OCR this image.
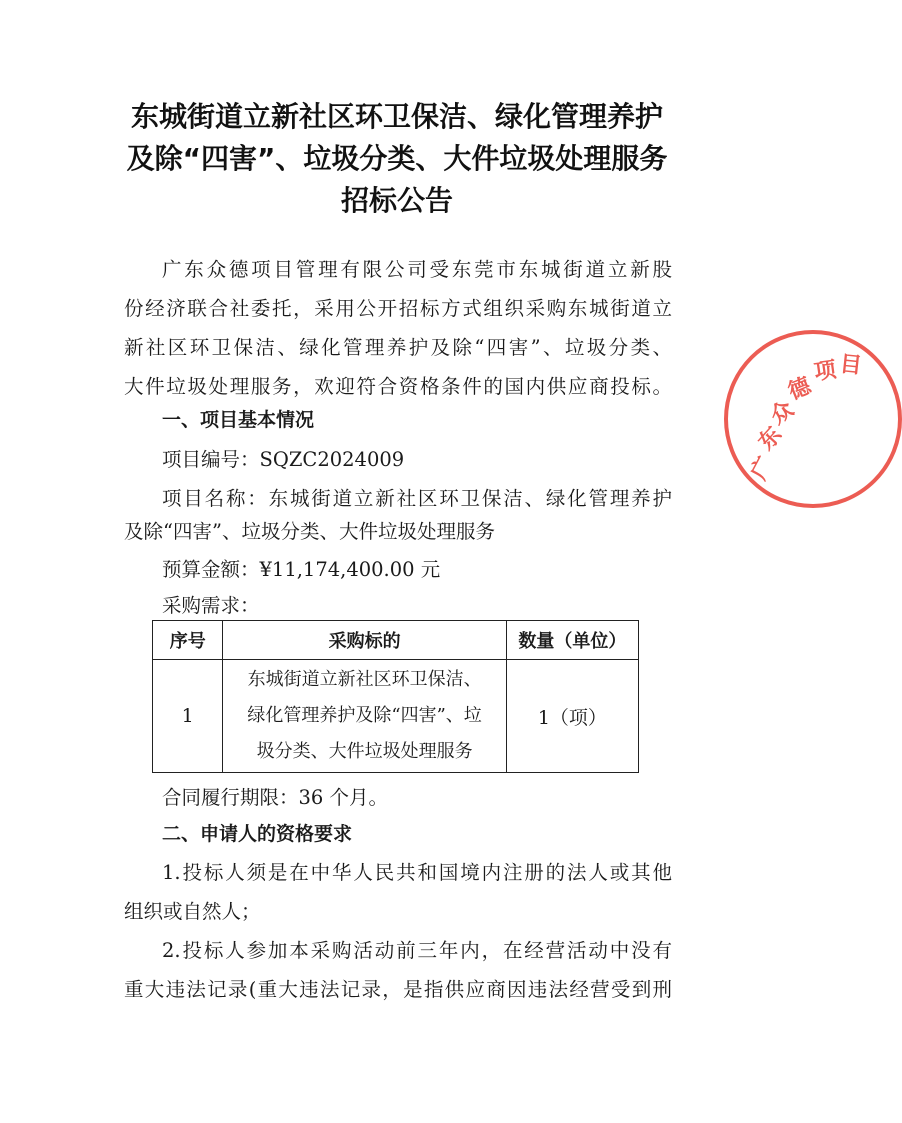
东城街道立新社区环卫保洁、绿化管理养护
及除“四害”、垃圾分类、大件垃圾处理服务
招标公告
广东众德项目管理有限公司受东莞市东城街道立新股
份经济联合社委托，采用公开招标方式组织采购东城街道立
新社区环卫保洁、绿化管理养护及除“四害”、垃圾分类、
大件垃圾处理服务，欢迎符合资格条件的国内供应商投标。
一、项目基本情况
项目编号：SQZC2024009
项目名称：东城街道立新社区环卫保洁、绿化管理养护
及除“四害”、垃圾分类、大件垃圾处理服务
预算金额：¥11,174,400.00 元
采购需求：
序号	采购标的	数量（单位）
1	东城街道立新社区环卫保洁、
绿化管理养护及除“四害”、垃
圾分类、大件垃圾处理服务	1（项）
合同履行期限：36 个月。
二、申请人的资格要求
1.投标人须是在中华人民共和国境内注册的法人或其他
组织或自然人；
2.投标人参加本采购活动前三年内，在经营活动中没有
重大违法记录(重大违法记录，是指供应商因违法经营受到刑
广
东
众
德
项 目
